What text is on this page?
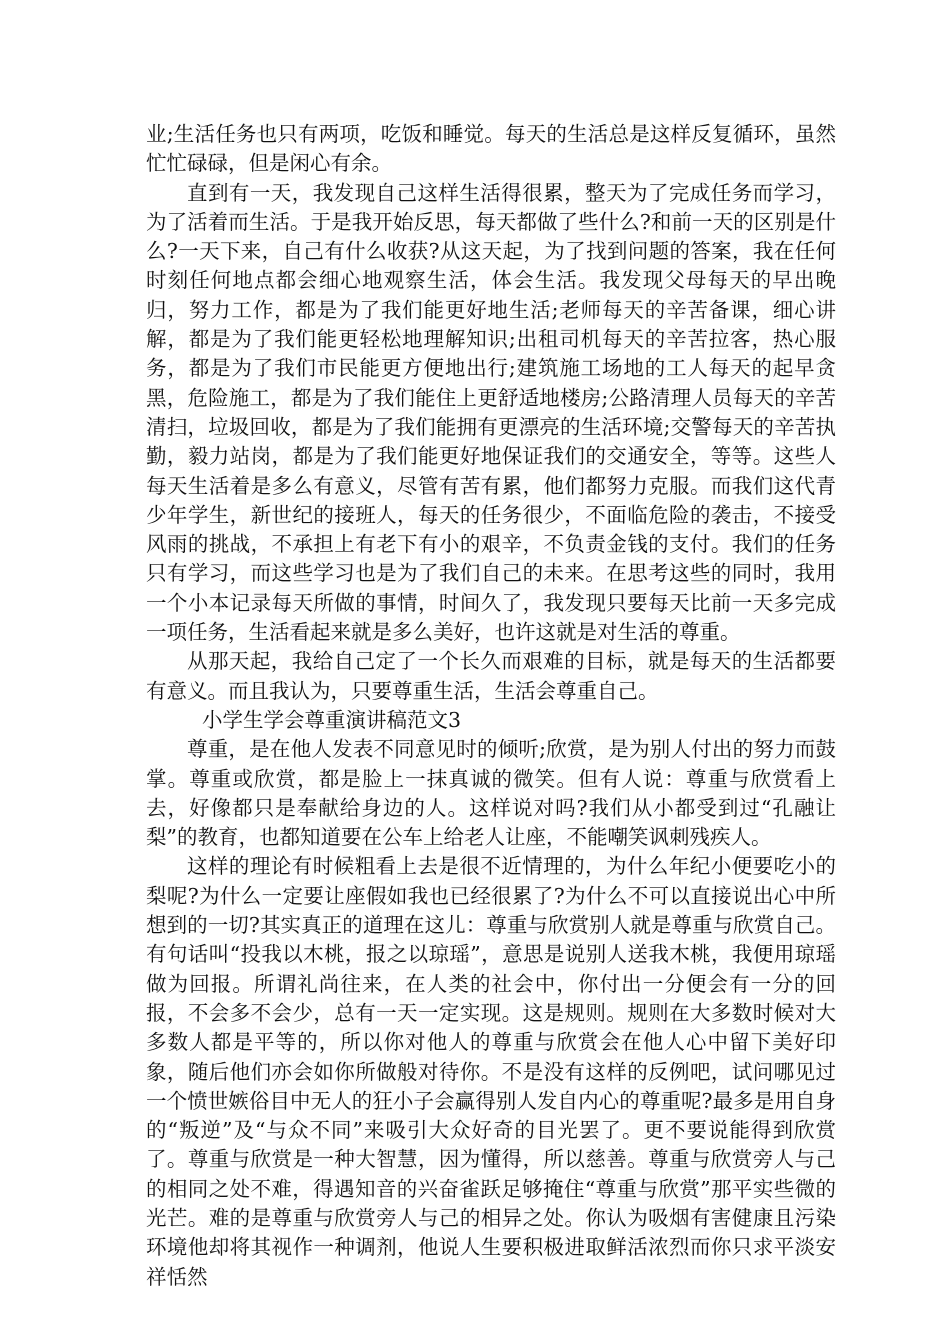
业;生活任务也只有两项，吃饭和睡觉。每天的生活总是这样反复循环，虽然忙忙碌碌，但是闲心有余。

直到有一天，我发现自己这样生活得很累，整天为了完成任务而学习，为了活着而生活。于是我开始反思，每天都做了些什么?和前一天的区别是什么?一天下来，自己有什么收获?从这天起，为了找到问题的答案，我在任何时刻任何地点都会细心地观察生活，体会生活。我发现父母每天的早出晚归，努力工作，都是为了我们能更好地生活;老师每天的辛苦备课，细心讲解，都是为了我们能更轻松地理解知识;出租司机每天的辛苦拉客，热心服务，都是为了我们市民能更方便地出行;建筑施工场地的工人每天的起早贪黑，危险施工，都是为了我们能住上更舒适地楼房;公路清理人员每天的辛苦清扫，垃圾回收，都是为了我们能拥有更漂亮的生活环境;交警每天的辛苦执勤，毅力站岗，都是为了我们能更好地保证我们的交通安全，等等。这些人每天生活着是多么有意义，尽管有苦有累，他们都努力克服。而我们这代青少年学生，新世纪的接班人，每天的任务很少，不面临危险的袭击，不接受风雨的挑战，不承担上有老下有小的艰辛，不负责金钱的支付。我们的任务只有学习，而这些学习也是为了我们自己的未来。在思考这些的同时，我用一个小本记录每天所做的事情，时间久了，我发现只要每天比前一天多完成一项任务，生活看起来就是多么美好，也许这就是对生活的尊重。

从那天起，我给自己定了一个长久而艰难的目标，就是每天的生活都要有意义。而且我认为，只要尊重生活，生活会尊重自己。

小学生学会尊重演讲稿范文3

尊重，是在他人发表不同意见时的倾听;欣赏，是为别人付出的努力而鼓掌。尊重或欣赏，都是脸上一抹真诚的微笑。但有人说：尊重与欣赏看上去，好像都只是奉献给身边的人。这样说对吗?我们从小都受到过“孔融让梨”的教育，也都知道要在公车上给老人让座，不能嘲笑讽刺残疾人。

这样的理论有时候粗看上去是很不近情理的，为什么年纪小便要吃小的梨呢?为什么一定要让座假如我也已经很累了?为什么不可以直接说出心中所想到的一切?其实真正的道理在这儿：尊重与欣赏别人就是尊重与欣赏自己。有句话叫“投我以木桃，报之以琼瑶”，意思是说别人送我木桃，我便用琼瑶做为回报。所谓礼尚往来，在人类的社会中，你付出一分便会有一分的回报，不会多不会少，总有一天一定实现。这是规则。规则在大多数时候对大多数人都是平等的，所以你对他人的尊重与欣赏会在他人心中留下美好印象，随后他们亦会如你所做般对待你。不是没有这样的反例吧，试问哪见过一个愤世嫉俗目中无人的狂小子会赢得别人发自内心的尊重呢?最多是用自身的“叛逆”及“与众不同”来吸引大众好奇的目光罢了。更不要说能得到欣赏了。尊重与欣赏是一种大智慧，因为懂得，所以慈善。尊重与欣赏旁人与己的相同之处不难，得遇知音的兴奋雀跃足够掩住“尊重与欣赏”那平实些微的光芒。难的是尊重与欣赏旁人与己的相异之处。你认为吸烟有害健康且污染环境他却将其视作一种调剂，他说人生要积极进取鲜活浓烈而你只求平淡安祥恬然
